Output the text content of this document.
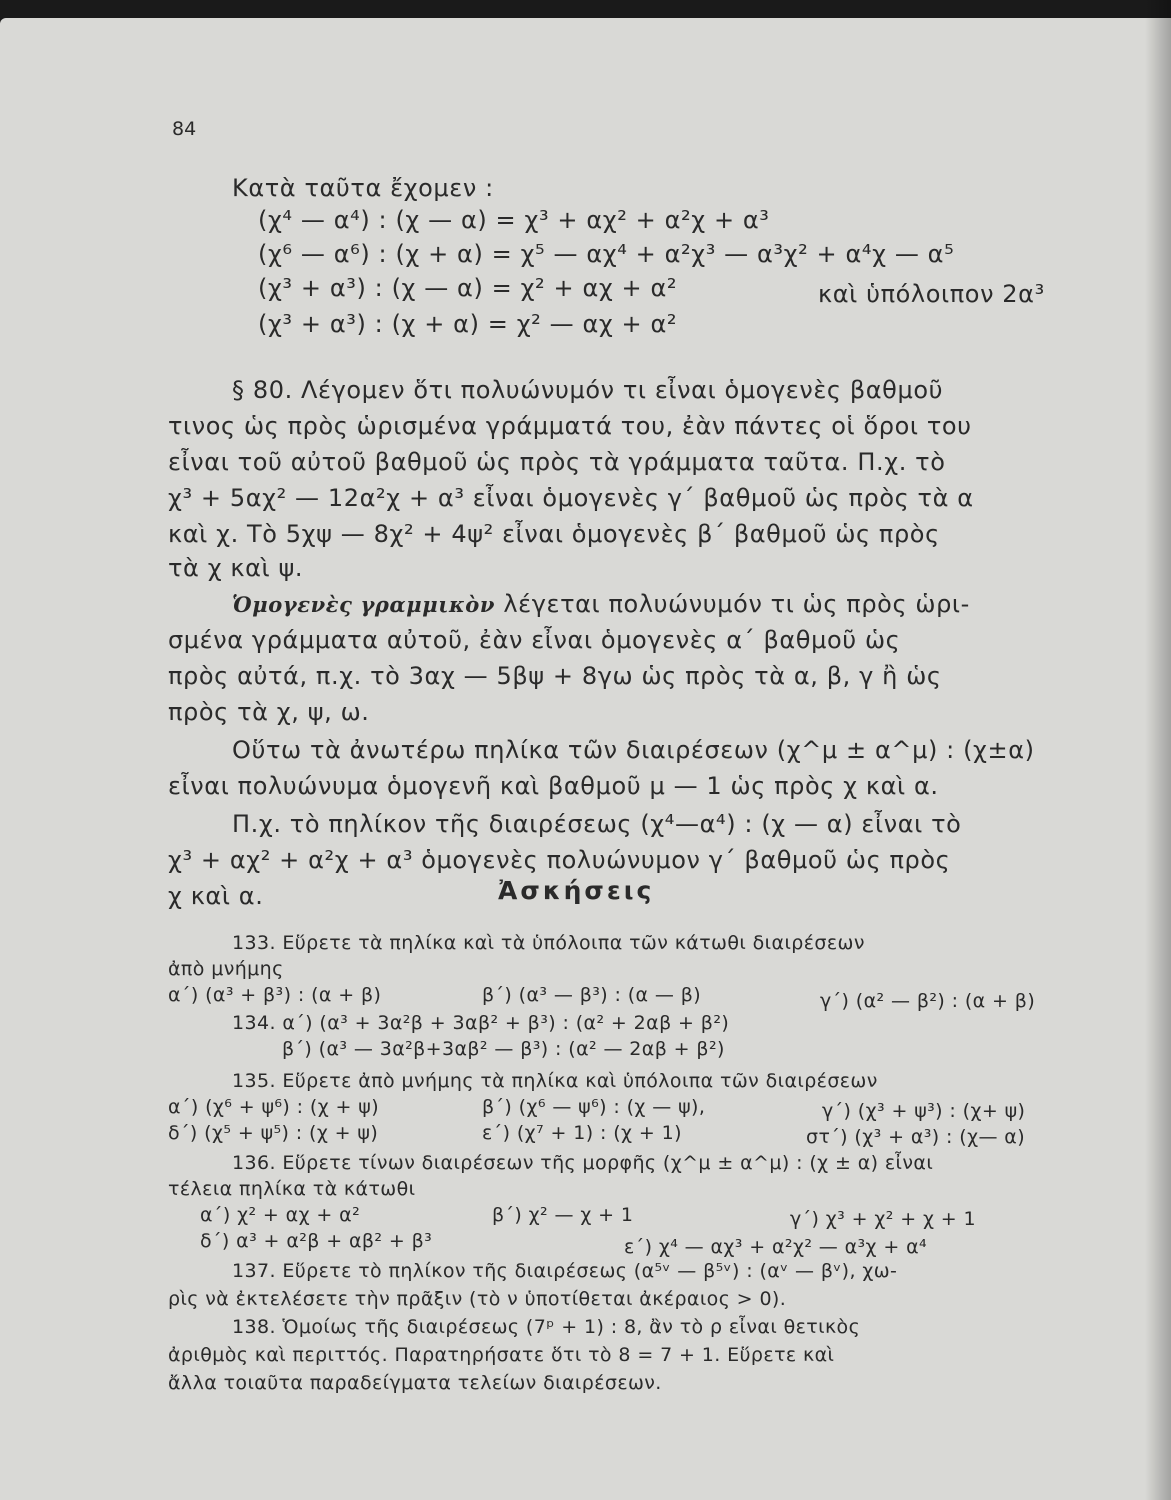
84
Κατὰ ταῦτα ἔχομεν :
(χ⁴ — α⁴) : (χ — α) = χ³ + αχ² + α²χ + α³
(χ⁶ — α⁶) : (χ + α) = χ⁵ — αχ⁴ + α²χ³ — α³χ² + α⁴χ — α⁵
(χ³ + α³) : (χ — α) = χ² + αχ + α²	καὶ ὑπόλοιπον 2α³
(χ³ + α³) : (χ + α) = χ² — αχ + α²
§ 80. Λέγομεν ὅτι πολυώνυμόν τι εἶναι ὁμογενὲς βαθμοῦ
τινος ὡς πρὸς ὡρισμένα γράμματά του, ἐὰν πάντες οἱ ὅροι του
εἶναι τοῦ αὐτοῦ βαθμοῦ ὡς πρὸς τὰ γράμματα ταῦτα. Π.χ. τὸ
χ³ + 5αχ² — 12α²χ + α³ εἶναι ὁμογενὲς γ΄ βαθμοῦ ὡς πρὸς τὰ α
καὶ χ. Τὸ 5χψ — 8χ² + 4ψ² εἶναι ὁμογενὲς β΄ βαθμοῦ ὡς πρὸς
τὰ χ καὶ ψ.
Ὁμογενὲς γραμμικὸν λέγεται πολυώνυμόν τι ὡς πρὸς ὡρι-
σμένα γράμματα αὐτοῦ, ἐὰν εἶναι ὁμογενὲς α΄ βαθμοῦ ὡς
πρὸς αὐτά, π.χ. τὸ 3αχ — 5βψ + 8γω ὡς πρὸς τὰ α, β, γ ἢ ὡς
πρὸς τὰ χ, ψ, ω.
Οὕτω τὰ ἀνωτέρω πηλίκα τῶν διαιρέσεων (χ^μ ± α^μ) : (χ±α)
εἶναι πολυώνυμα ὁμογενῆ καὶ βαθμοῦ μ — 1 ὡς πρὸς χ καὶ α.
Π.χ. τὸ πηλίκον τῆς διαιρέσεως (χ⁴—α⁴) : (χ — α) εἶναι τὸ
χ³ + αχ² + α²χ + α³ ὁμογενὲς πολυώνυμον γ΄ βαθμοῦ ὡς πρὸς
χ καὶ α.	Ἀσκήσεις
133. Εὕρετε τὰ πηλίκα καὶ τὰ ὑπόλοιπα τῶν κάτωθι διαιρέσεων
ἀπὸ μνήμης
α΄) (α³ + β³) : (α + β)	β΄) (α³ — β³) : (α — β)	γ΄) (α² — β²) : (α + β)
134. α΄) (α³ + 3α²β + 3αβ² + β³) : (α² + 2αβ + β²)
β΄) (α³ — 3α²β+3αβ² — β³) : (α² — 2αβ + β²)
135. Εὕρετε ἀπὸ μνήμης τὰ πηλίκα καὶ ὑπόλοιπα τῶν διαιρέσεων
α΄) (χ⁶ + ψ⁶) : (χ + ψ)	β΄) (χ⁶ — ψ⁶) : (χ — ψ),	γ΄) (χ³ + ψ³) : (χ+ ψ)
δ΄) (χ⁵ + ψ⁵) : (χ + ψ)	ε΄) (χ⁷ + 1) : (χ + 1)	στ΄) (χ³ + α³) : (χ— α)
136. Εὕρετε τίνων διαιρέσεων τῆς μορφῆς (χ^μ ± α^μ) : (χ ± α) εἶναι
τέλεια πηλίκα τὰ κάτωθι
α΄) χ² + αχ + α²	β΄) χ² — χ + 1	γ΄) χ³ + χ² + χ + 1
δ΄) α³ + α²β + αβ² + β³	ε΄) χ⁴ — αχ³ + α²χ² — α³χ + α⁴
137. Εὕρετε τὸ πηλίκον τῆς διαιρέσεως (α⁵ᵛ — β⁵ᵛ) : (αᵛ — βᵛ), χω-
ρὶς νὰ ἐκτελέσετε τὴν πρᾶξιν (τὸ ν ὑποτίθεται ἀκέραιος > 0).
138. Ὁμοίως τῆς διαιρέσεως (7ᵖ + 1) : 8, ἂν τὸ ρ εἶναι θετικὸς
ἀριθμὸς καὶ περιττός. Παρατηρήσατε ὅτι τὸ 8 = 7 + 1. Εὕρετε καὶ
ἄλλα τοιαῦτα παραδείγματα τελείων διαιρέσεων.
